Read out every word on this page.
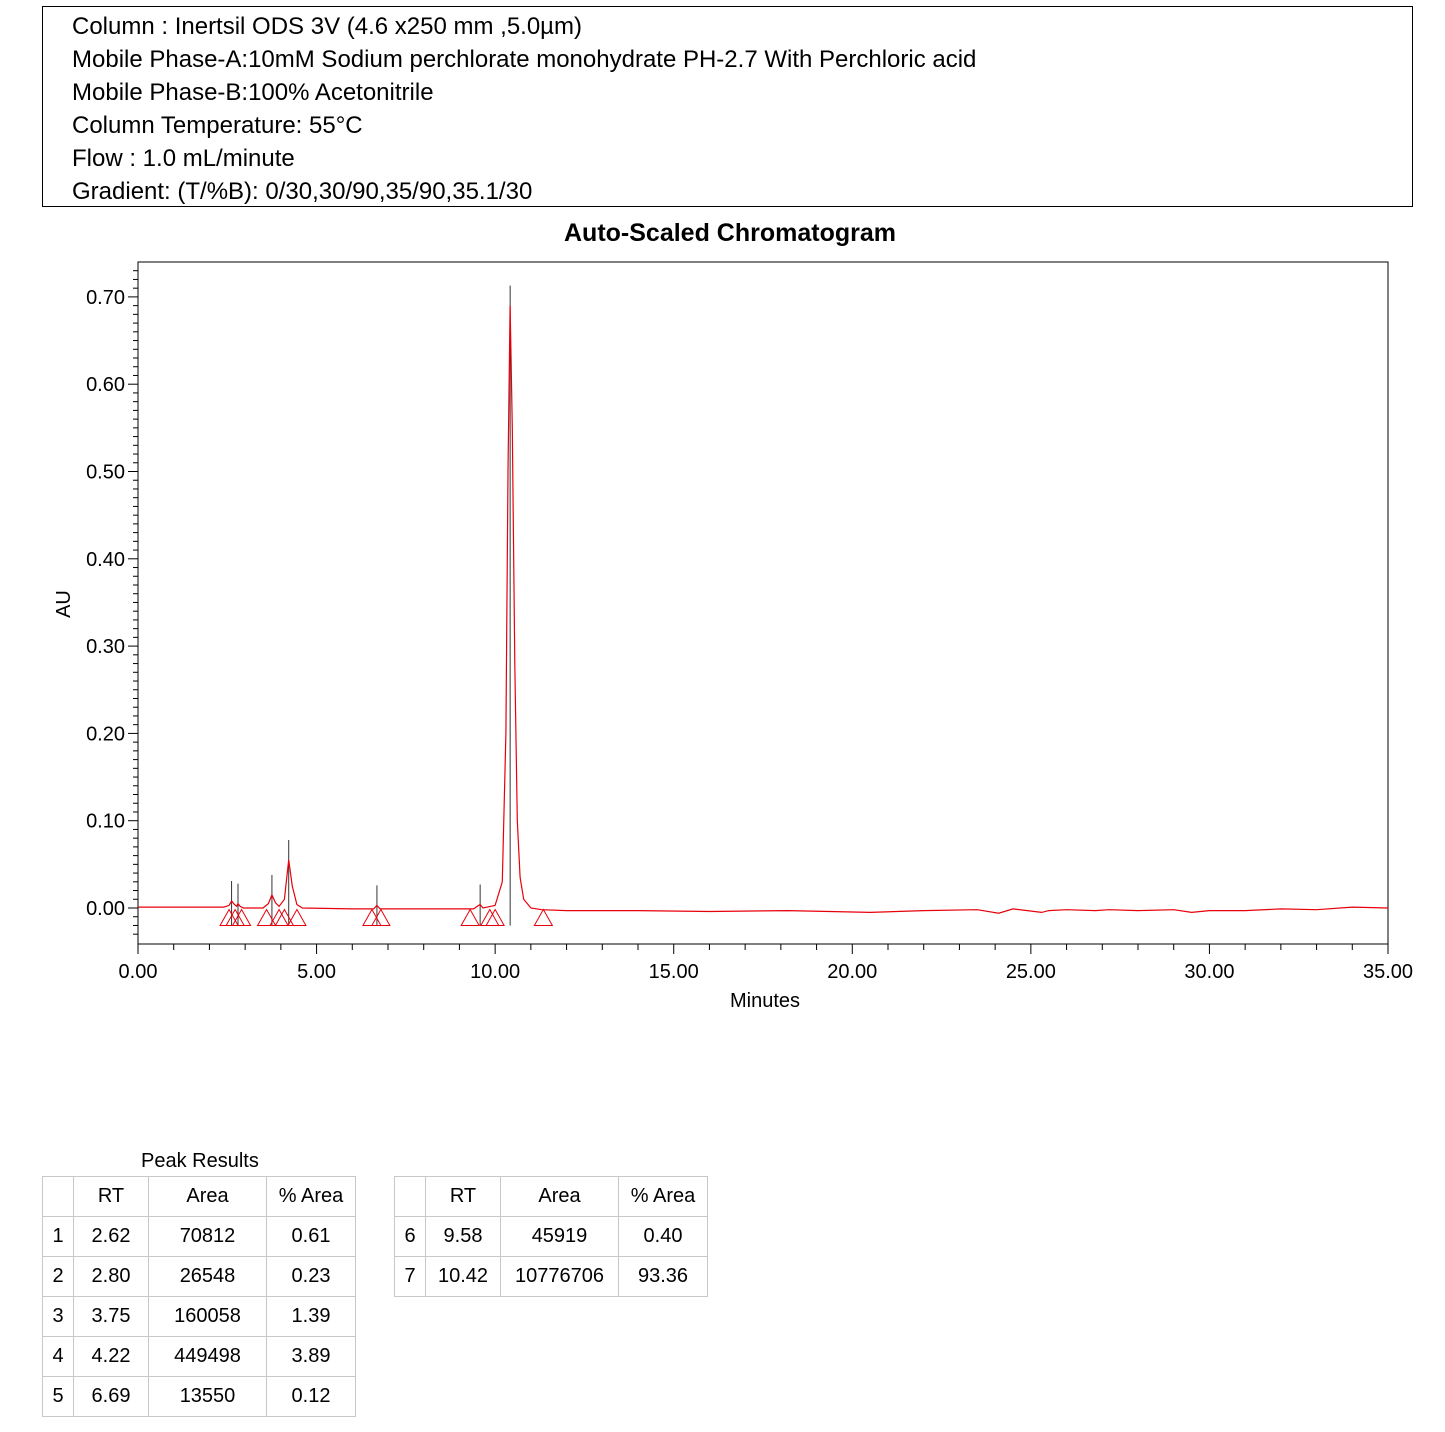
Column : Inertsil ODS 3V (4.6 x250 mm ,5.0µm)
Mobile Phase-A:10mM Sodium perchlorate monohydrate PH-2.7 With Perchloric acid
Mobile Phase-B:100% Acetonitrile
Column Temperature: 55°C
Flow : 1.0 mL/minute
Gradient: (T/%B): 0/30,30/90,35/90,35.1/30
Auto-Scaled Chromatogram
0.00
0.10
0.20
0.30
0.40
0.50
0.60
0.70
0.00	5.00	10.00	15.00	20.00	25.00	30.00	35.00
AU
Minutes
Peak Results
	RT	Area	% Area
1	2.62	70812	0.61
2	2.80	26548	0.23
3	3.75	160058	1.39
4	4.22	449498	3.89
5	6.69	13550	0.12
	RT	Area	% Area
6	9.58	45919	0.40
7	10.42	10776706	93.36
